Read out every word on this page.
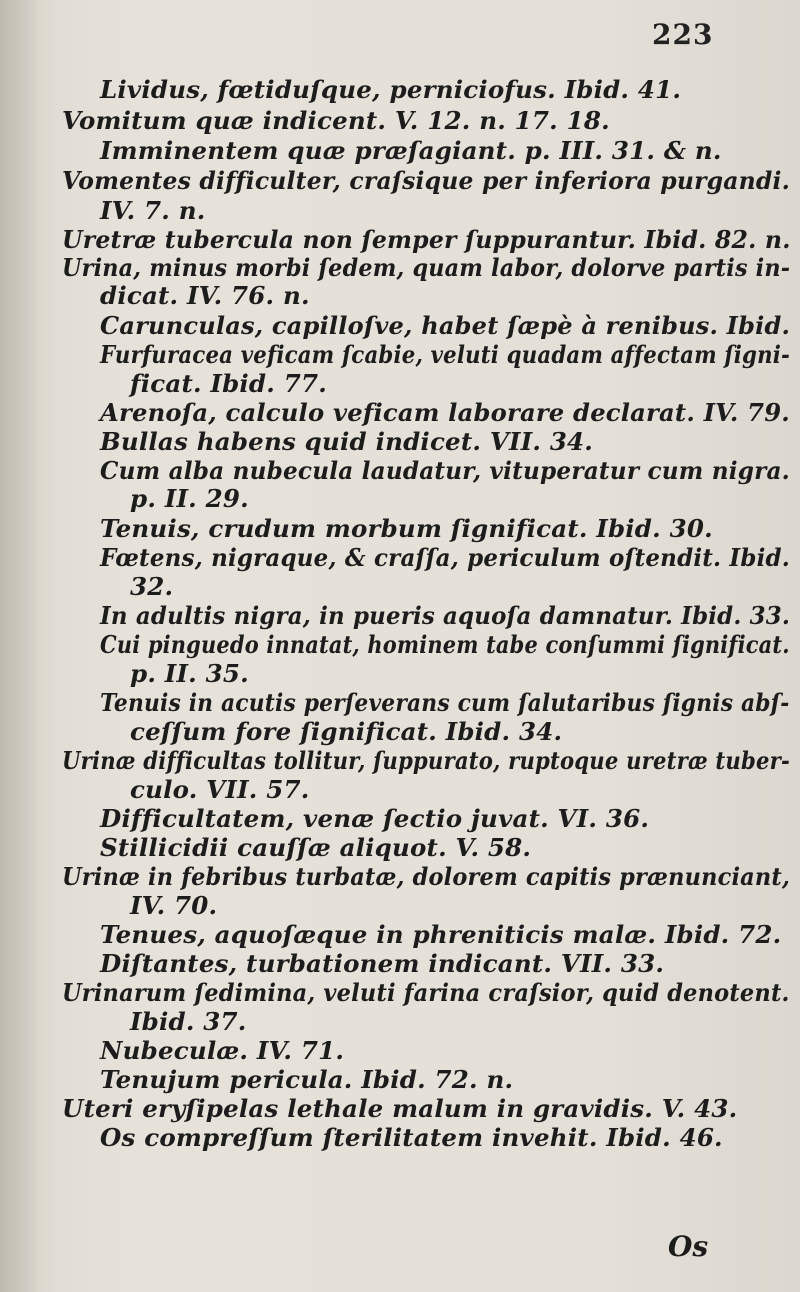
223
Lividus, fœtiduſque, perniciofus. Ibid. 41.
Vomitum quæ indicent. V. 12. n. 17. 18.
Imminentem quæ præſagiant. p. III. 31. & n.
Vomentes difficulter, craſsique per inferiora purgandi.
IV. 7. n.
Uretræ tubercula non ſemper ſuppurantur. Ibid. 82. n.
Urina, minus morbi ſedem, quam labor, dolorve partis in-
dicat. IV. 76. n.
Carunculas, capilloſve, habet ſæpè à renibus. Ibid.
Furfuracea veficam ſcabie, veluti quadam affectam ſigni-
ficat. Ibid. 77.
Arenoſa, calculo veficam laborare declarat. IV. 79.
Bullas habens quid indicet. VII. 34.
Cum alba nubecula laudatur, vituperatur cum nigra.
p. II. 29.
Tenuis, crudum morbum ſignificat. Ibid. 30.
Fœtens, nigraque, & craſſa, periculum oſtendit. Ibid.
32.
In adultis nigra, in pueris aquoſa damnatur. Ibid. 33.
Cui pinguedo innatat, hominem tabe conſummi ſignificat.
p. II. 35.
Tenuis in acutis perſeverans cum ſalutaribus ſignis abſ-
ceſſum fore ſignificat. Ibid. 34.
Urinæ difficultas tollitur, ſuppurato, ruptoque uretræ tuber-
culo. VII. 57.
Difficultatem, venæ ſectio juvat. VI. 36.
Stillicidii cauſſæ aliquot. V. 58.
Urinæ in febribus turbatæ, dolorem capitis prænunciant,
IV. 70.
Tenues, aquoſæque in phreniticis malæ. Ibid. 72.
Diſtantes, turbationem indicant. VII. 33.
Urinarum ſedimina, veluti farina craſsior, quid denotent.
Ibid. 37.
Nubeculæ. IV. 71.
Tenujum pericula. Ibid. 72. n.
Uteri eryſipelas lethale malum in gravidis. V. 43.
Os compreſſum ſterilitatem invehit. Ibid. 46.
Os
